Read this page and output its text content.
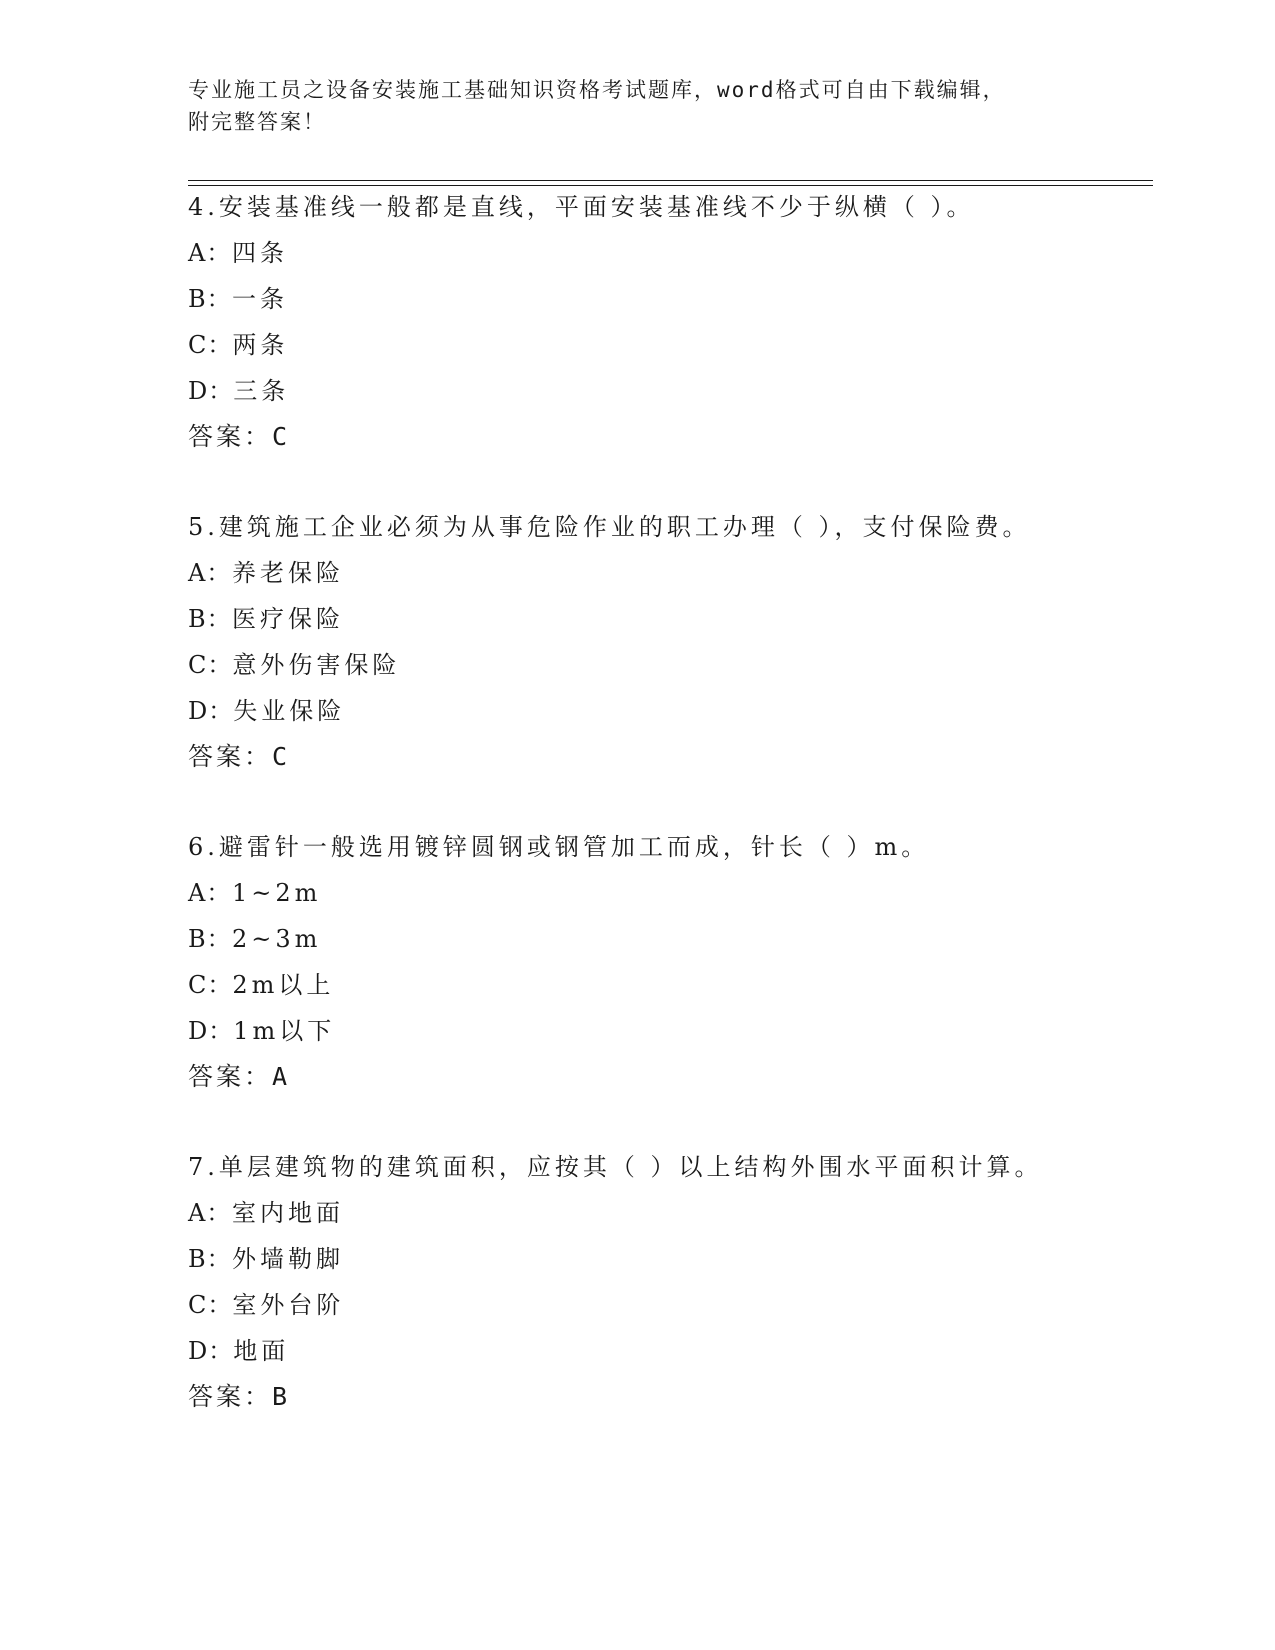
专业施工员之设备安装施工基础知识资格考试题库，word格式可自由下载编辑，
附完整答案！
4.安装基准线一般都是直线，平面安装基准线不少于纵横（ ）。
A： 四条
B： 一条
C： 两条
D： 三条
答案：C
5.建筑施工企业必须为从事危险作业的职工办理（ ），支付保险费。
A： 养老保险
B： 医疗保险
C： 意外伤害保险
D： 失业保险
答案：C
6.避雷针一般选用镀锌圆钢或钢管加工而成，针长（ ）m。
A： 1~2m
B： 2~3m
C： 2m以上
D： 1m以下
答案：A
7.单层建筑物的建筑面积，应按其（ ）以上结构外围水平面积计算。
A： 室内地面
B： 外墙勒脚
C： 室外台阶
D： 地面
答案：B
